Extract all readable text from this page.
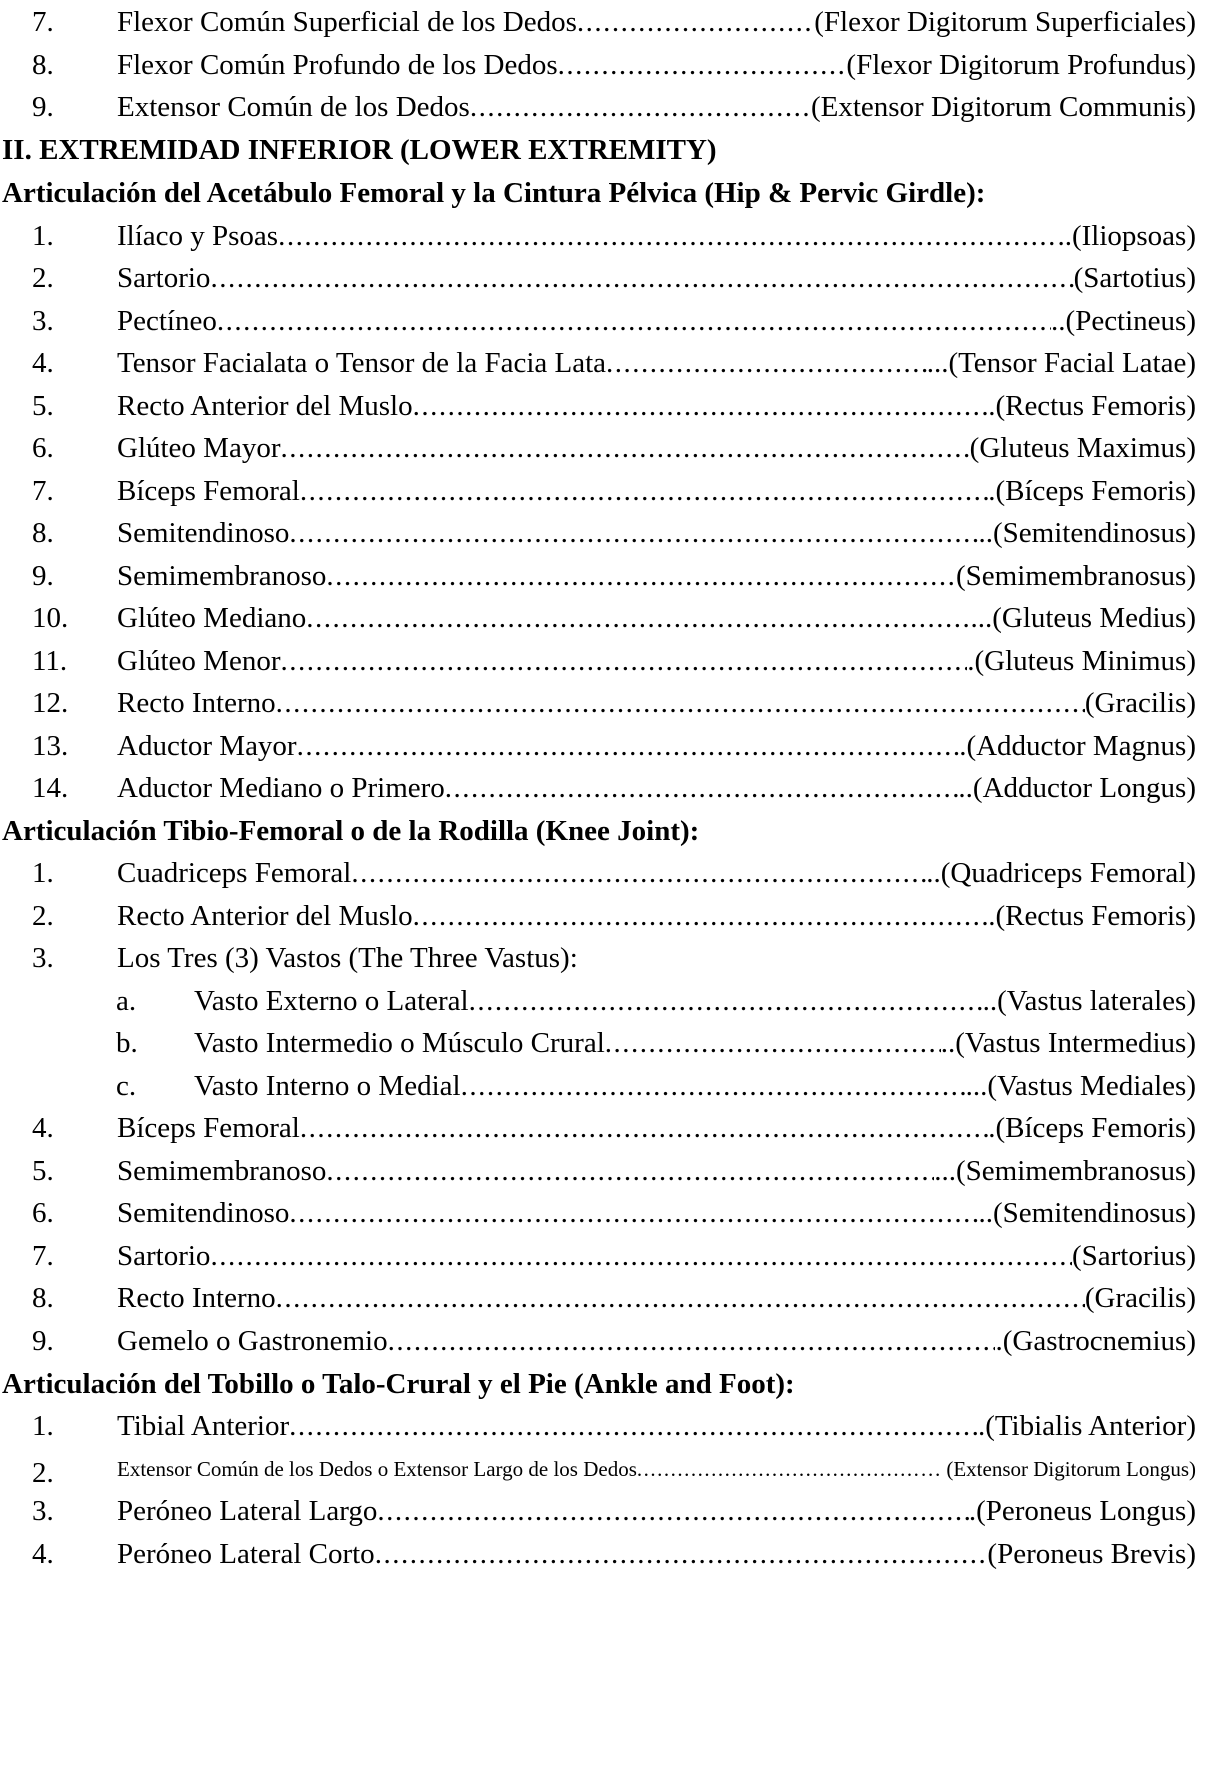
7.	Flexor Común Superficial de los Dedos .....	(Flexor Digitorum Superficiales)
8.	Flexor Común Profundo de los Dedos .....	(Flexor Digitorum Profundus)
9.	Extensor Común de los Dedos .....	(Extensor Digitorum Communis)
II. EXTREMIDAD INFERIOR (LOWER EXTREMITY)
Articulación del Acetábulo Femoral y la Cintura Pélvica (Hip & Pervic Girdle):
1.	Ilíaco y Psoas .....	..(Iliopsoas)
2.	Sartorio .....	(Sartotius)
3.	Pectíneo .....	..(Pectineus)
4.	Tensor Facialata o Tensor de la Facia Lata .....	...(Tensor Facial Latae)
5.	Recto Anterior del Muslo .....	.(Rectus Femoris)
6.	Glúteo Mayor .....	(Gluteus Maximus)
7.	Bíceps Femoral .....	.(Bíceps Femoris)
8.	Semitendinoso .....	..(Semitendinosus)
9.	Semimembranoso .....	(Semimembranosus)
10.	Glúteo Mediano .....	...(Gluteus Medius)
11.	Glúteo Menor .....	.(Gluteus Minimus)
12.	Recto Interno .....	(Gracilis)
13.	Aductor Mayor .....	.(Adductor Magnus)
14.	Aductor Mediano o Primero .....	..(Adductor Longus)
Articulación Tibio-Femoral o de la Rodilla (Knee Joint):
1.	Cuadriceps Femoral .....	..(Quadriceps Femoral)
2.	Recto Anterior del Muslo .....	.(Rectus Femoris)
3.	Los Tres (3) Vastos (The Three Vastus):
a.	Vasto Externo o Lateral .....	..(Vastus laterales)
b.	Vasto Intermedio o Músculo Crural .....	..(Vastus Intermedius)
c.	Vasto Interno o Medial .....	...(Vastus Mediales)
4.	Bíceps Femoral .....	.(Bíceps Femoris)
5.	Semimembranoso .....	...(Semimembranosus)
6.	Semitendinoso .....	..(Semitendinosus)
7.	Sartorio .....	(Sartorius)
8.	Recto Interno .....	(Gracilis)
9.	Gemelo o Gastronemio .....	.(Gastrocnemius)
Articulación del Tobillo o Talo-Crural y el Pie (Ankle and Foot):
1.	Tibial Anterior .....	.(Tibialis Anterior)
2.	Extensor Común de los Dedos o Extensor Largo de los Dedos .....	… (Extensor Digitorum Longus)
3.	Peróneo Lateral Largo .....	.(Peroneus Longus)
4.	Peróneo Lateral Corto .....	(Peroneus Brevis)
